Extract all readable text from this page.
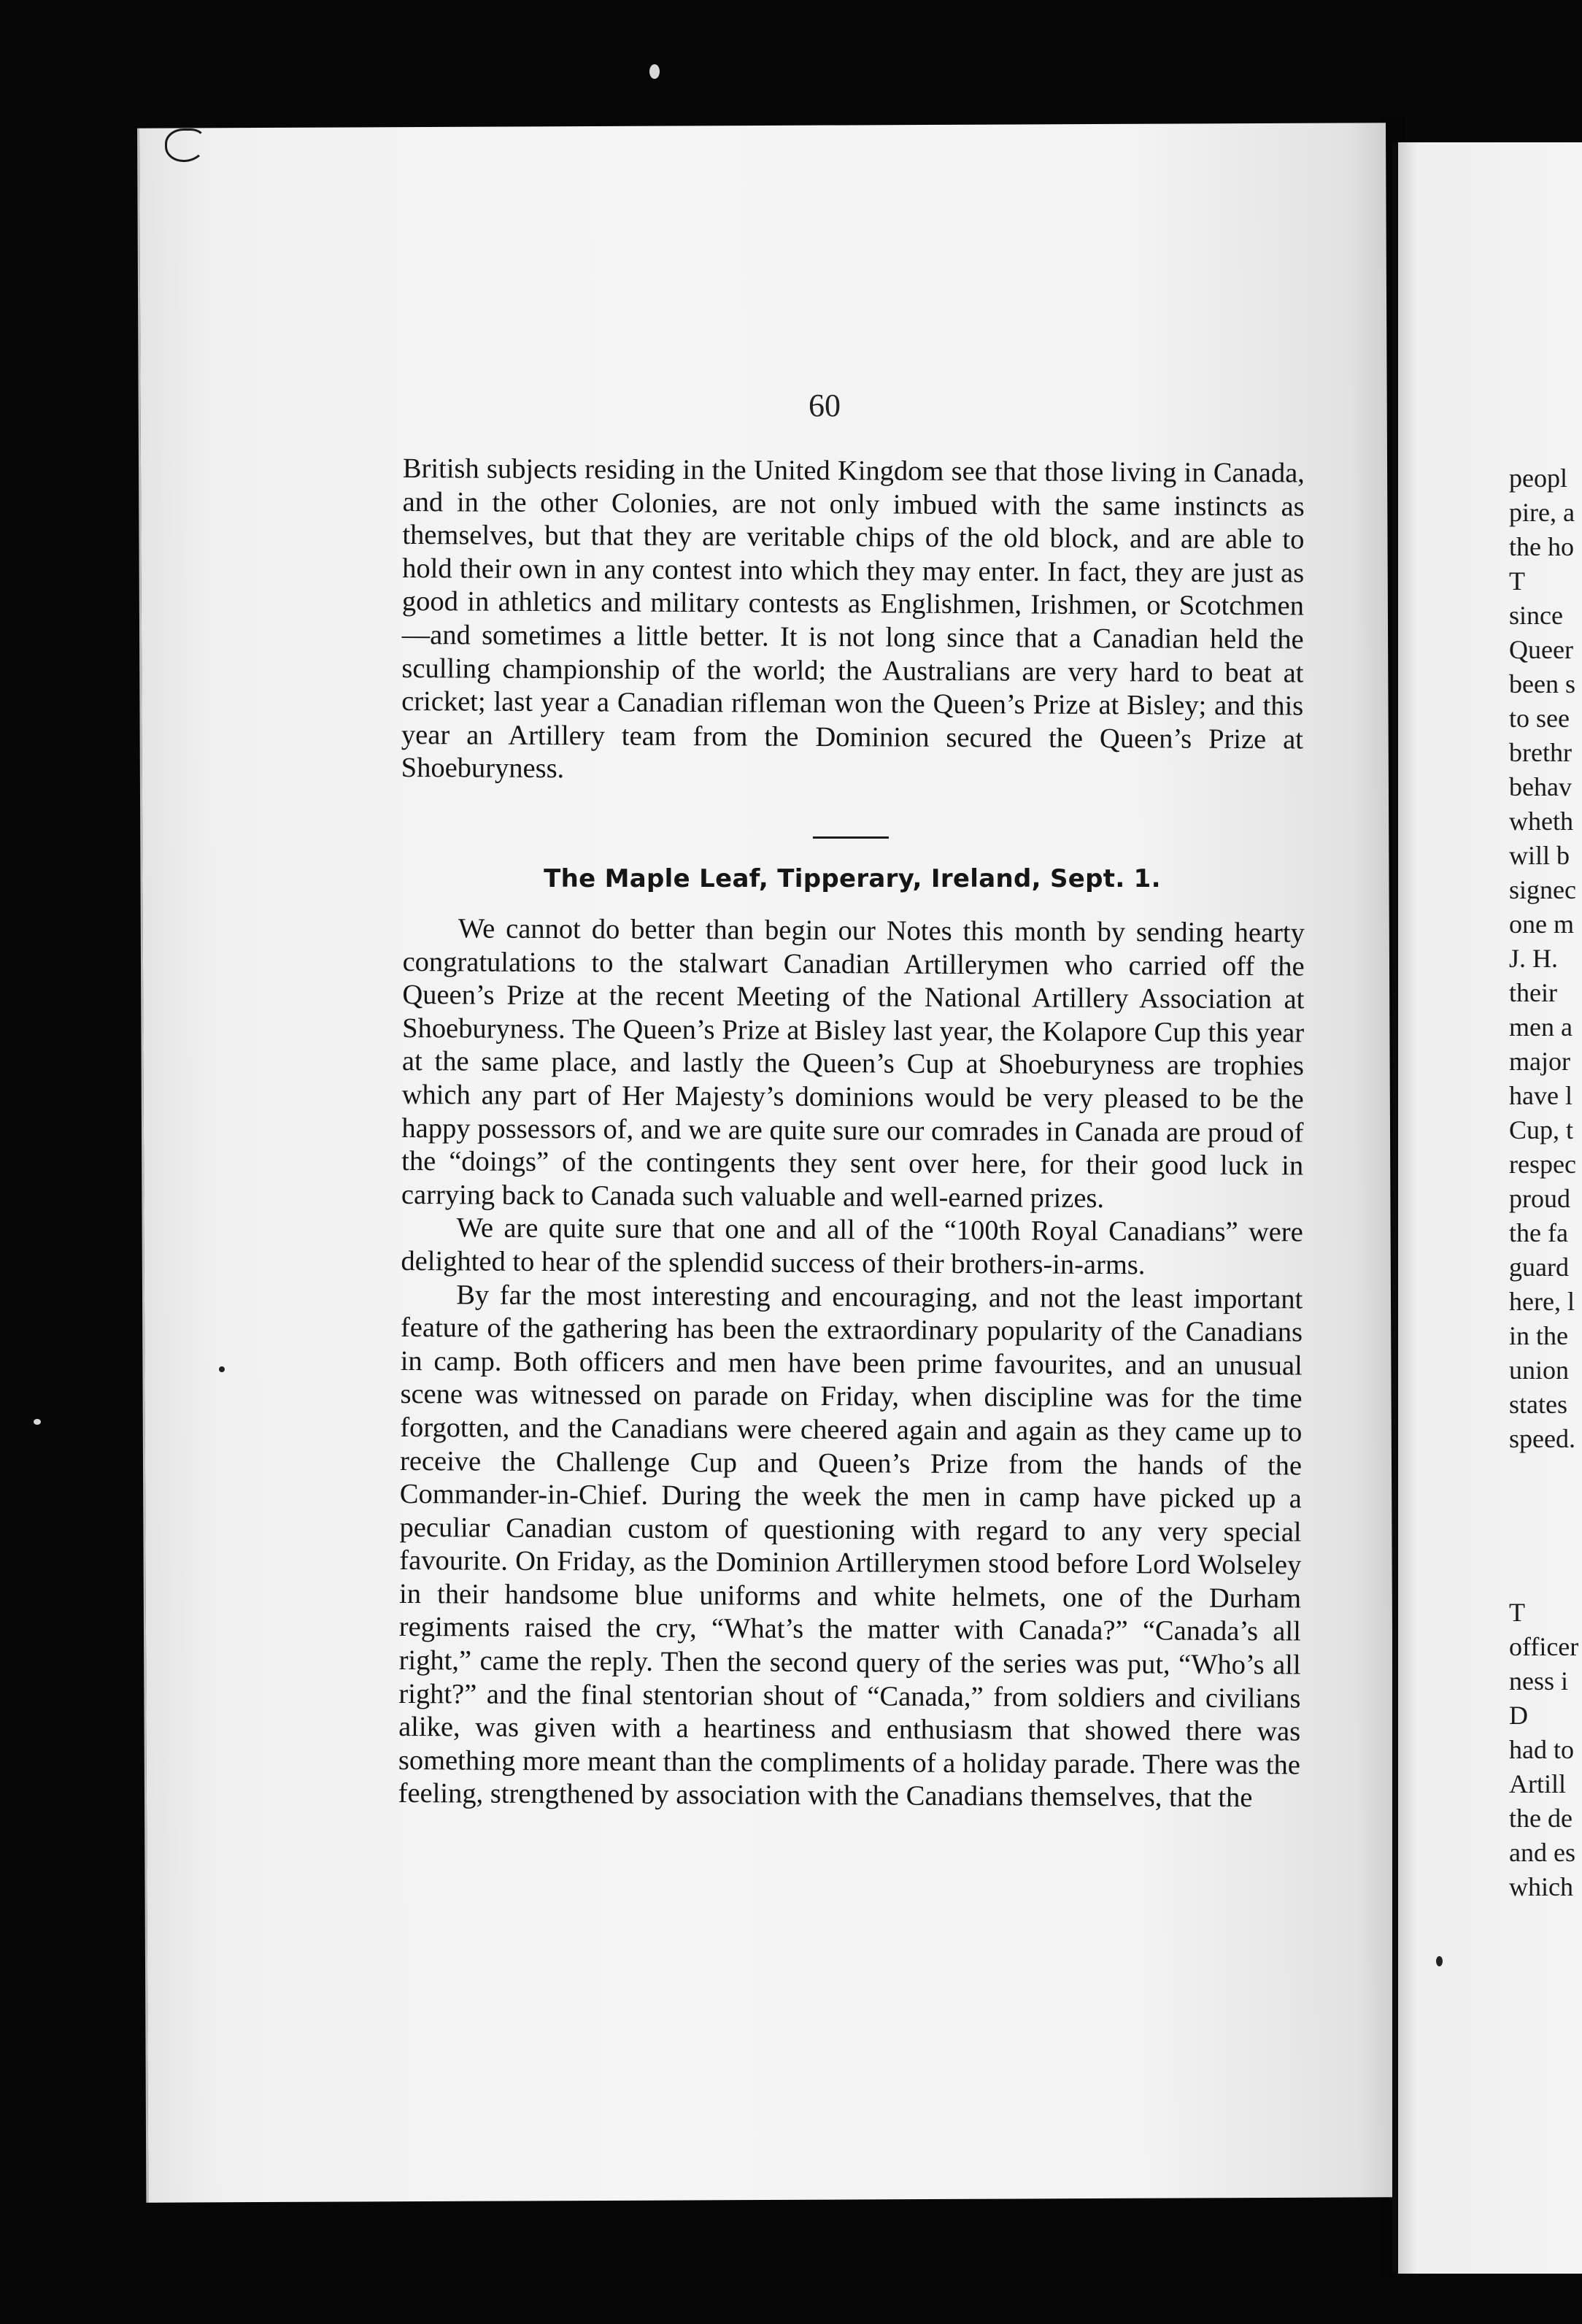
60

British subjects residing in the United Kingdom see that those living in Canada, and in the other Colonies, are not only imbued with the same instincts as themselves, but that they are veritable chips of the old block, and are able to hold their own in any contest into which they may enter. In fact, they are just as good in athletics and military contests as Englishmen, Irishmen, or Scotchmen—and sometimes a little better. It is not long since that a Canadian held the sculling championship of the world; the Australians are very hard to beat at cricket; last year a Canadian rifleman won the Queen’s Prize at Bisley; and this year an Artillery team from the Dominion secured the Queen’s Prize at Shoeburyness.

The Maple Leaf, Tipperary, Ireland, Sept. 1.

We cannot do better than begin our Notes this month by sending hearty congratulations to the stalwart Canadian Artillerymen who carried off the Queen’s Prize at the recent Meeting of the National Artillery Association at Shoeburyness. The Queen’s Prize at Bisley last year, the Kolapore Cup this year at the same place, and lastly the Queen’s Cup at Shoeburyness are trophies which any part of Her Majesty’s dominions would be very pleased to be the happy possessors of, and we are quite sure our comrades in Canada are proud of the “doings” of the contingents they sent over here, for their good luck in carrying back to Canada such valuable and well-earned prizes.

We are quite sure that one and all of the “100th Royal Canadians” were delighted to hear of the splendid success of their brothers-in-arms.

By far the most interesting and encouraging, and not the least important feature of the gathering has been the extraordinary popularity of the Canadians in camp. Both officers and men have been prime favourites, and an unusual scene was witnessed on parade on Friday, when discipline was for the time forgotten, and the Canadians were cheered again and again as they came up to receive the Challenge Cup and Queen’s Prize from the hands of the Commander-in-Chief. During the week the men in camp have picked up a peculiar Canadian custom of questioning with regard to any very special favourite. On Friday, as the Dominion Artillerymen stood before Lord Wolseley in their handsome blue uniforms and white helmets, one of the Durham regiments raised the cry, “What’s the matter with Canada?” “Canada’s all right,” came the reply. Then the second query of the series was put, “Who’s all right?” and the final stentorian shout of “Canada,” from soldiers and civilians alike, was given with a heartiness and enthusiasm that showed there was something more meant than the compliments of a holiday parade. There was the feeling, strengthened by association with the Canadians themselves, that the

peopl
pire, a
the ho
T
since
Queer
been s
to see
brethr
behav
wheth
will b
signec
one m
J. H.
their
men a
major
have l
Cup, t
respec
proud
the fa
guard
here, l
in the
union
states
speed.
T
officer
ness i
D
had to
Artill
the de
and es
which
